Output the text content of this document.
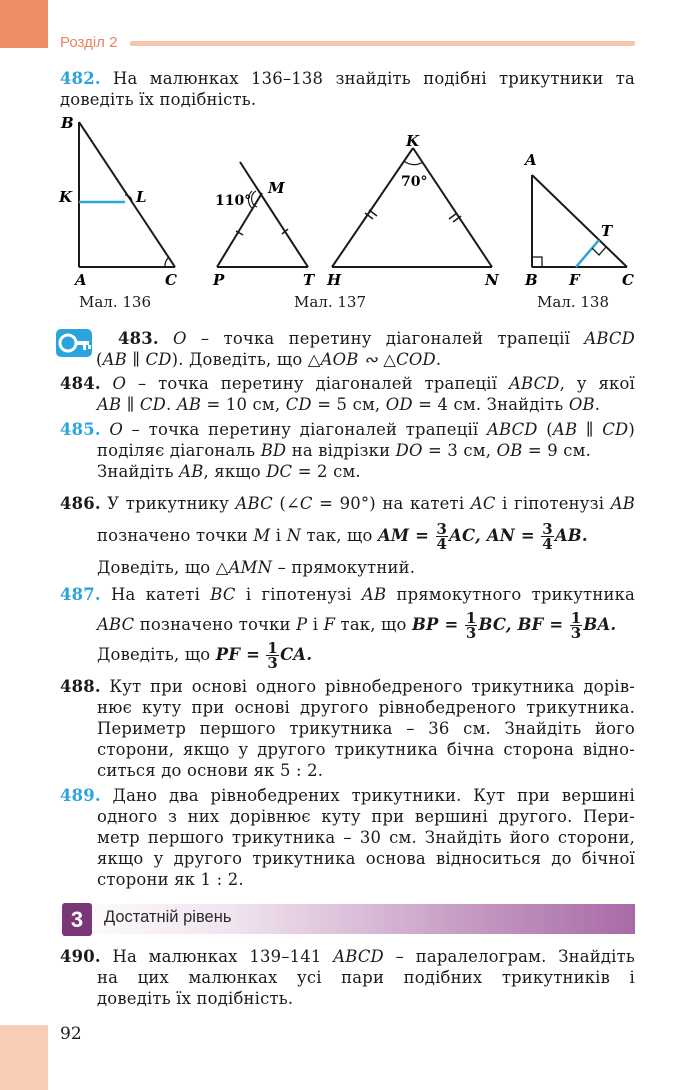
Розділ 2
482. На малюнках 136–138 знайдіть подібні трикутники та
доведіть їх подібність.
B
K	L
A	C
110°
M
P	T
K
70°
H	N
A
T
B F	C
Мал. 136	Мал. 137	Мал. 138
483. O – точка перетину діагоналей трапеції ABCD
(AB ∥ CD). Доведіть, що △AOB ∾ △COD.
484. O – точка перетину діагоналей трапеції ABCD, у якої
AB ∥ CD. AB = 10 см, CD = 5 см, OD = 4 см. Знайдіть OB.
485. O – точка перетину діагоналей трапеції ABCD (AB ∥ CD)
поділяє діагональ BD на відрізки DO = 3 см, OB = 9 см.
Знайдіть AB, якщо DC = 2 см.
486. У трикутнику ABC (∠C = 90°) на катеті AC і гіпотенузі AB
позначено точки M і N так, що AM = $\frac{3}{4}$ AC, AN = $\frac{3}{4}$ AB.
Доведіть, що △AMN – прямокутний.
487. На катеті BC і гіпотенузі AB прямокутного трикутника
ABC позначено точки P і F так, що BP = $\frac{1}{3}$ BC, BF = $\frac{1}{3}$ BA.
Доведіть, що PF = $\frac{1}{3}$ CA.
488. Кут при основі одного рівнобедреного трикутника дорів-
нює куту при основі другого рівнобедреного трикутника.
Периметр першого трикутника – 36 см. Знайдіть його
сторони, якщо у другого трикутника бічна сторона відно-
ситься до основи як 5 : 2.
489. Дано два рівнобедрених трикутники. Кут при вершині
одного з них дорівнює куту при вершині другого. Пери-
метр першого трикутника – 30 см. Знайдіть його сторони,
якщо у другого трикутника основа відноситься до бічної
сторони як 1 : 2.
3	Достатній рівень
490. На малюнках 139–141 ABCD – паралелограм. Знайдіть
на цих малюнках усі пари подібних трикутників і
доведіть їх подібність.
92
